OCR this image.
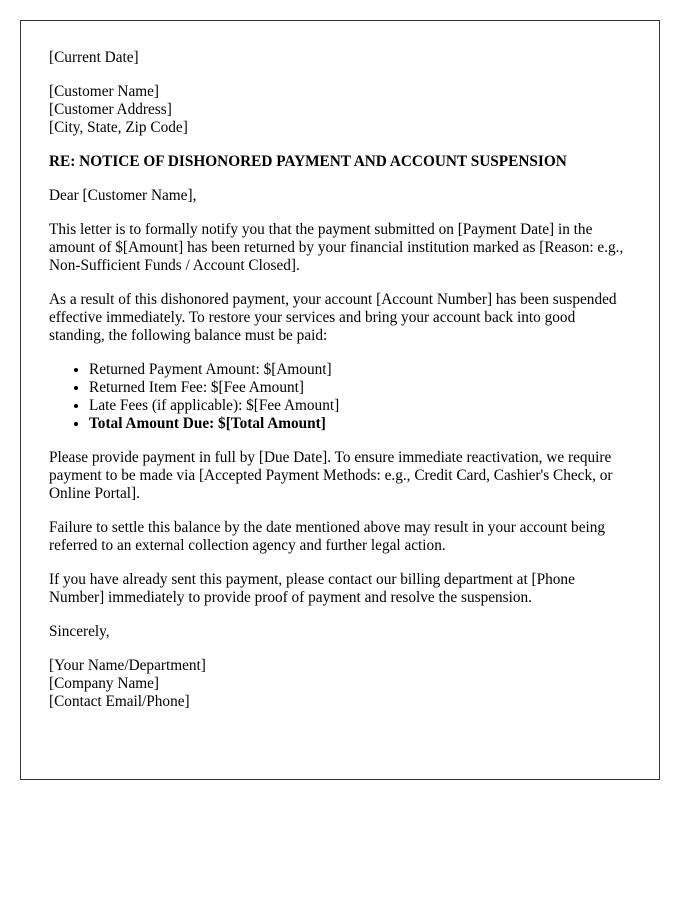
[Current Date]

[Customer Name]
[Customer Address]
[City, State, Zip Code]

RE: NOTICE OF DISHONORED PAYMENT AND ACCOUNT SUSPENSION

Dear [Customer Name],

This letter is to formally notify you that the payment submitted on [Payment Date] in the amount of $[Amount] has been returned by your financial institution marked as [Reason: e.g., Non-Sufficient Funds / Account Closed].

As a result of this dishonored payment, your account [Account Number] has been suspended effective immediately. To restore your services and bring your account back into good standing, the following balance must be paid:

• Returned Payment Amount: $[Amount]
• Returned Item Fee: $[Fee Amount]
• Late Fees (if applicable): $[Fee Amount]
• Total Amount Due: $[Total Amount]

Please provide payment in full by [Due Date]. To ensure immediate reactivation, we require payment to be made via [Accepted Payment Methods: e.g., Credit Card, Cashier's Check, or Online Portal].

Failure to settle this balance by the date mentioned above may result in your account being referred to an external collection agency and further legal action.

If you have already sent this payment, please contact our billing department at [Phone Number] immediately to provide proof of payment and resolve the suspension.

Sincerely,

[Your Name/Department]
[Company Name]
[Contact Email/Phone]
